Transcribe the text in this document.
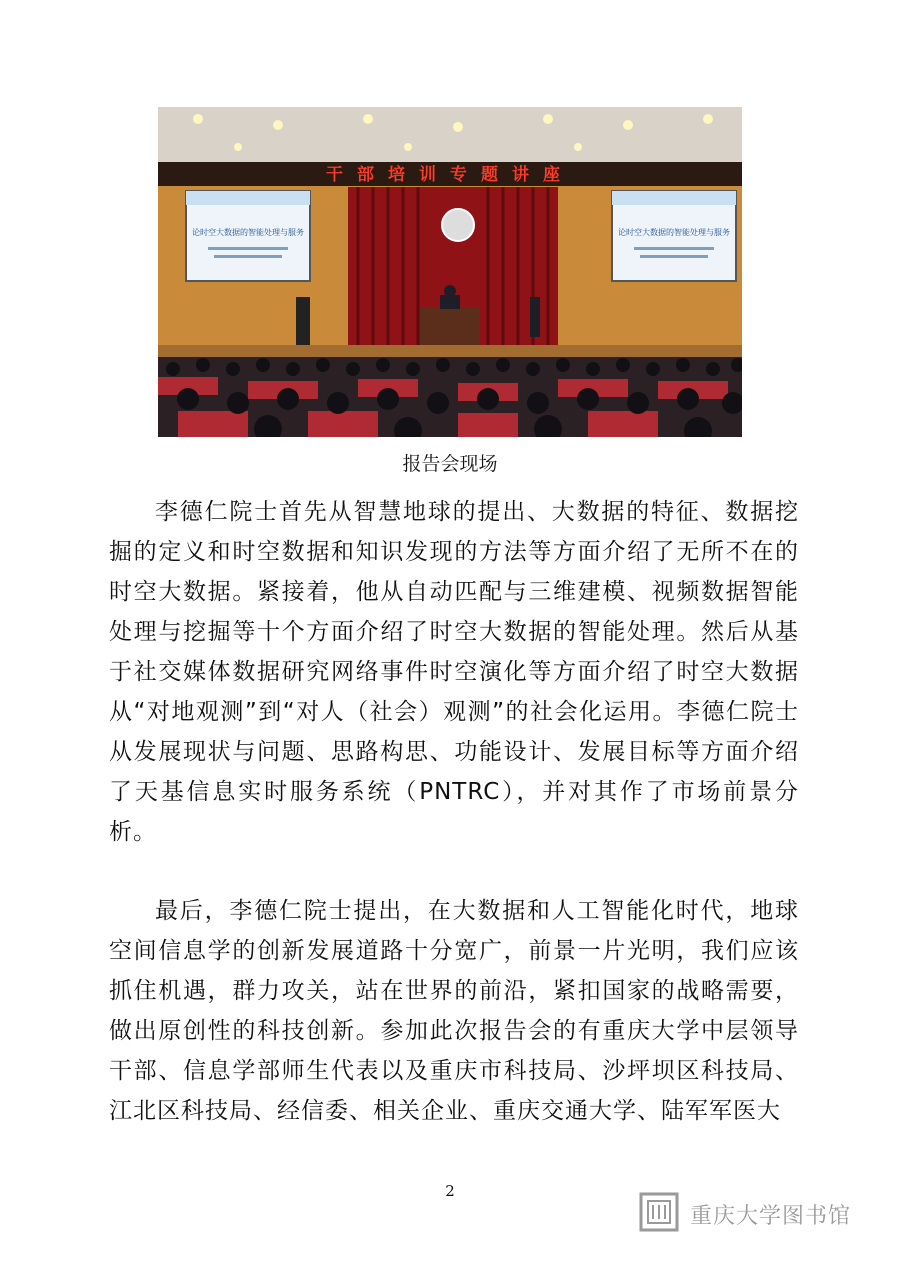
干部培训专题讲座
论时空大数据的智能处理与服务	论时空大数据的智能处理与服务
报告会现场

李德仁院士首先从智慧地球的提出、大数据的特征、数据挖掘的定义和时空数据和知识发现的方法等方面介绍了无所不在的时空大数据。紧接着，他从自动匹配与三维建模、视频数据智能处理与挖掘等十个方面介绍了时空大数据的智能处理。然后从基于社交媒体数据研究网络事件时空演化等方面介绍了时空大数据从“对地观测”到“对人（社会）观测”的社会化运用。李德仁院士从发展现状与问题、思路构思、功能设计、发展目标等方面介绍了天基信息实时服务系统（PNTRC），并对其作了市场前景分析。

最后，李德仁院士提出，在大数据和人工智能化时代，地球空间信息学的创新发展道路十分宽广，前景一片光明，我们应该抓住机遇，群力攻关，站在世界的前沿，紧扣国家的战略需要，做出原创性的科技创新。参加此次报告会的有重庆大学中层领导干部、信息学部师生代表以及重庆市科技局、沙坪坝区科技局、江北区科技局、经信委、相关企业、重庆交通大学、陆军军医大

2
重庆大学图书馆
